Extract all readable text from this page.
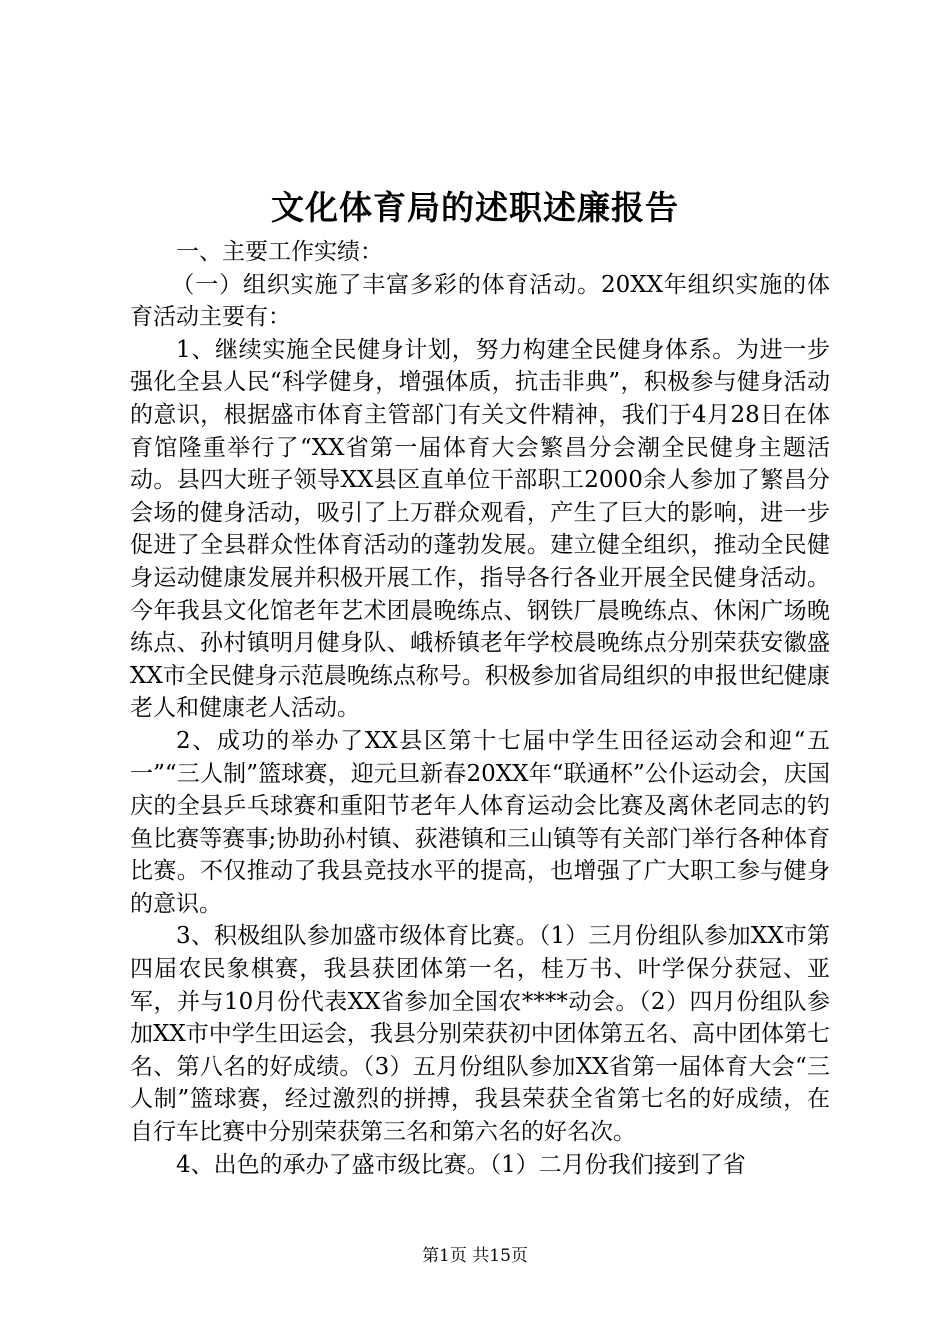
文化体育局的述职述廉报告

一、主要工作实绩：

（一）组织实施了丰富多彩的体育活动。20XX年组织实施的体育活动主要有：

1、继续实施全民健身计划，努力构建全民健身体系。为进一步强化全县人民“科学健身，增强体质，抗击非典”，积极参与健身活动的意识，根据盛市体育主管部门有关文件精神，我们于4月28日在体育馆隆重举行了“XX省第一届体育大会繁昌分会潮全民健身主题活动。县四大班子领导XX县区直单位干部职工2000余人参加了繁昌分会场的健身活动，吸引了上万群众观看，产生了巨大的影响，进一步促进了全县群众性体育活动的蓬勃发展。建立健全组织，推动全民健身运动健康发展并积极开展工作，指导各行各业开展全民健身活动。今年我县文化馆老年艺术团晨晚练点、钢铁厂晨晚练点、休闲广场晚练点、孙村镇明月健身队、峨桥镇老年学校晨晚练点分别荣获安徽盛XX市全民健身示范晨晚练点称号。积极参加省局组织的申报世纪健康老人和健康老人活动。

2、成功的举办了XX县区第十七届中学生田径运动会和迎“五一”“三人制”篮球赛，迎元旦新春20XX年“联通杯”公仆运动会，庆国庆的全县乒乓球赛和重阳节老年人体育运动会比赛及离休老同志的钓鱼比赛等赛事;协助孙村镇、荻港镇和三山镇等有关部门举行各种体育比赛。不仅推动了我县竞技水平的提高，也增强了广大职工参与健身的意识。

3、积极组队参加盛市级体育比赛。（1）三月份组队参加XX市第四届农民象棋赛，我县获团体第一名，桂万书、叶学保分获冠、亚军，并与10月份代表XX省参加全国农****动会。（2）四月份组队参加XX市中学生田运会，我县分别荣获初中团体第五名、高中团体第七名、第八名的好成绩。（3）五月份组队参加XX省第一届体育大会“三人制”篮球赛，经过激烈的拼搏，我县荣获全省第七名的好成绩，在自行车比赛中分别荣获第三名和第六名的好名次。

4、出色的承办了盛市级比赛。（1）二月份我们接到了省

第1页 共15页
